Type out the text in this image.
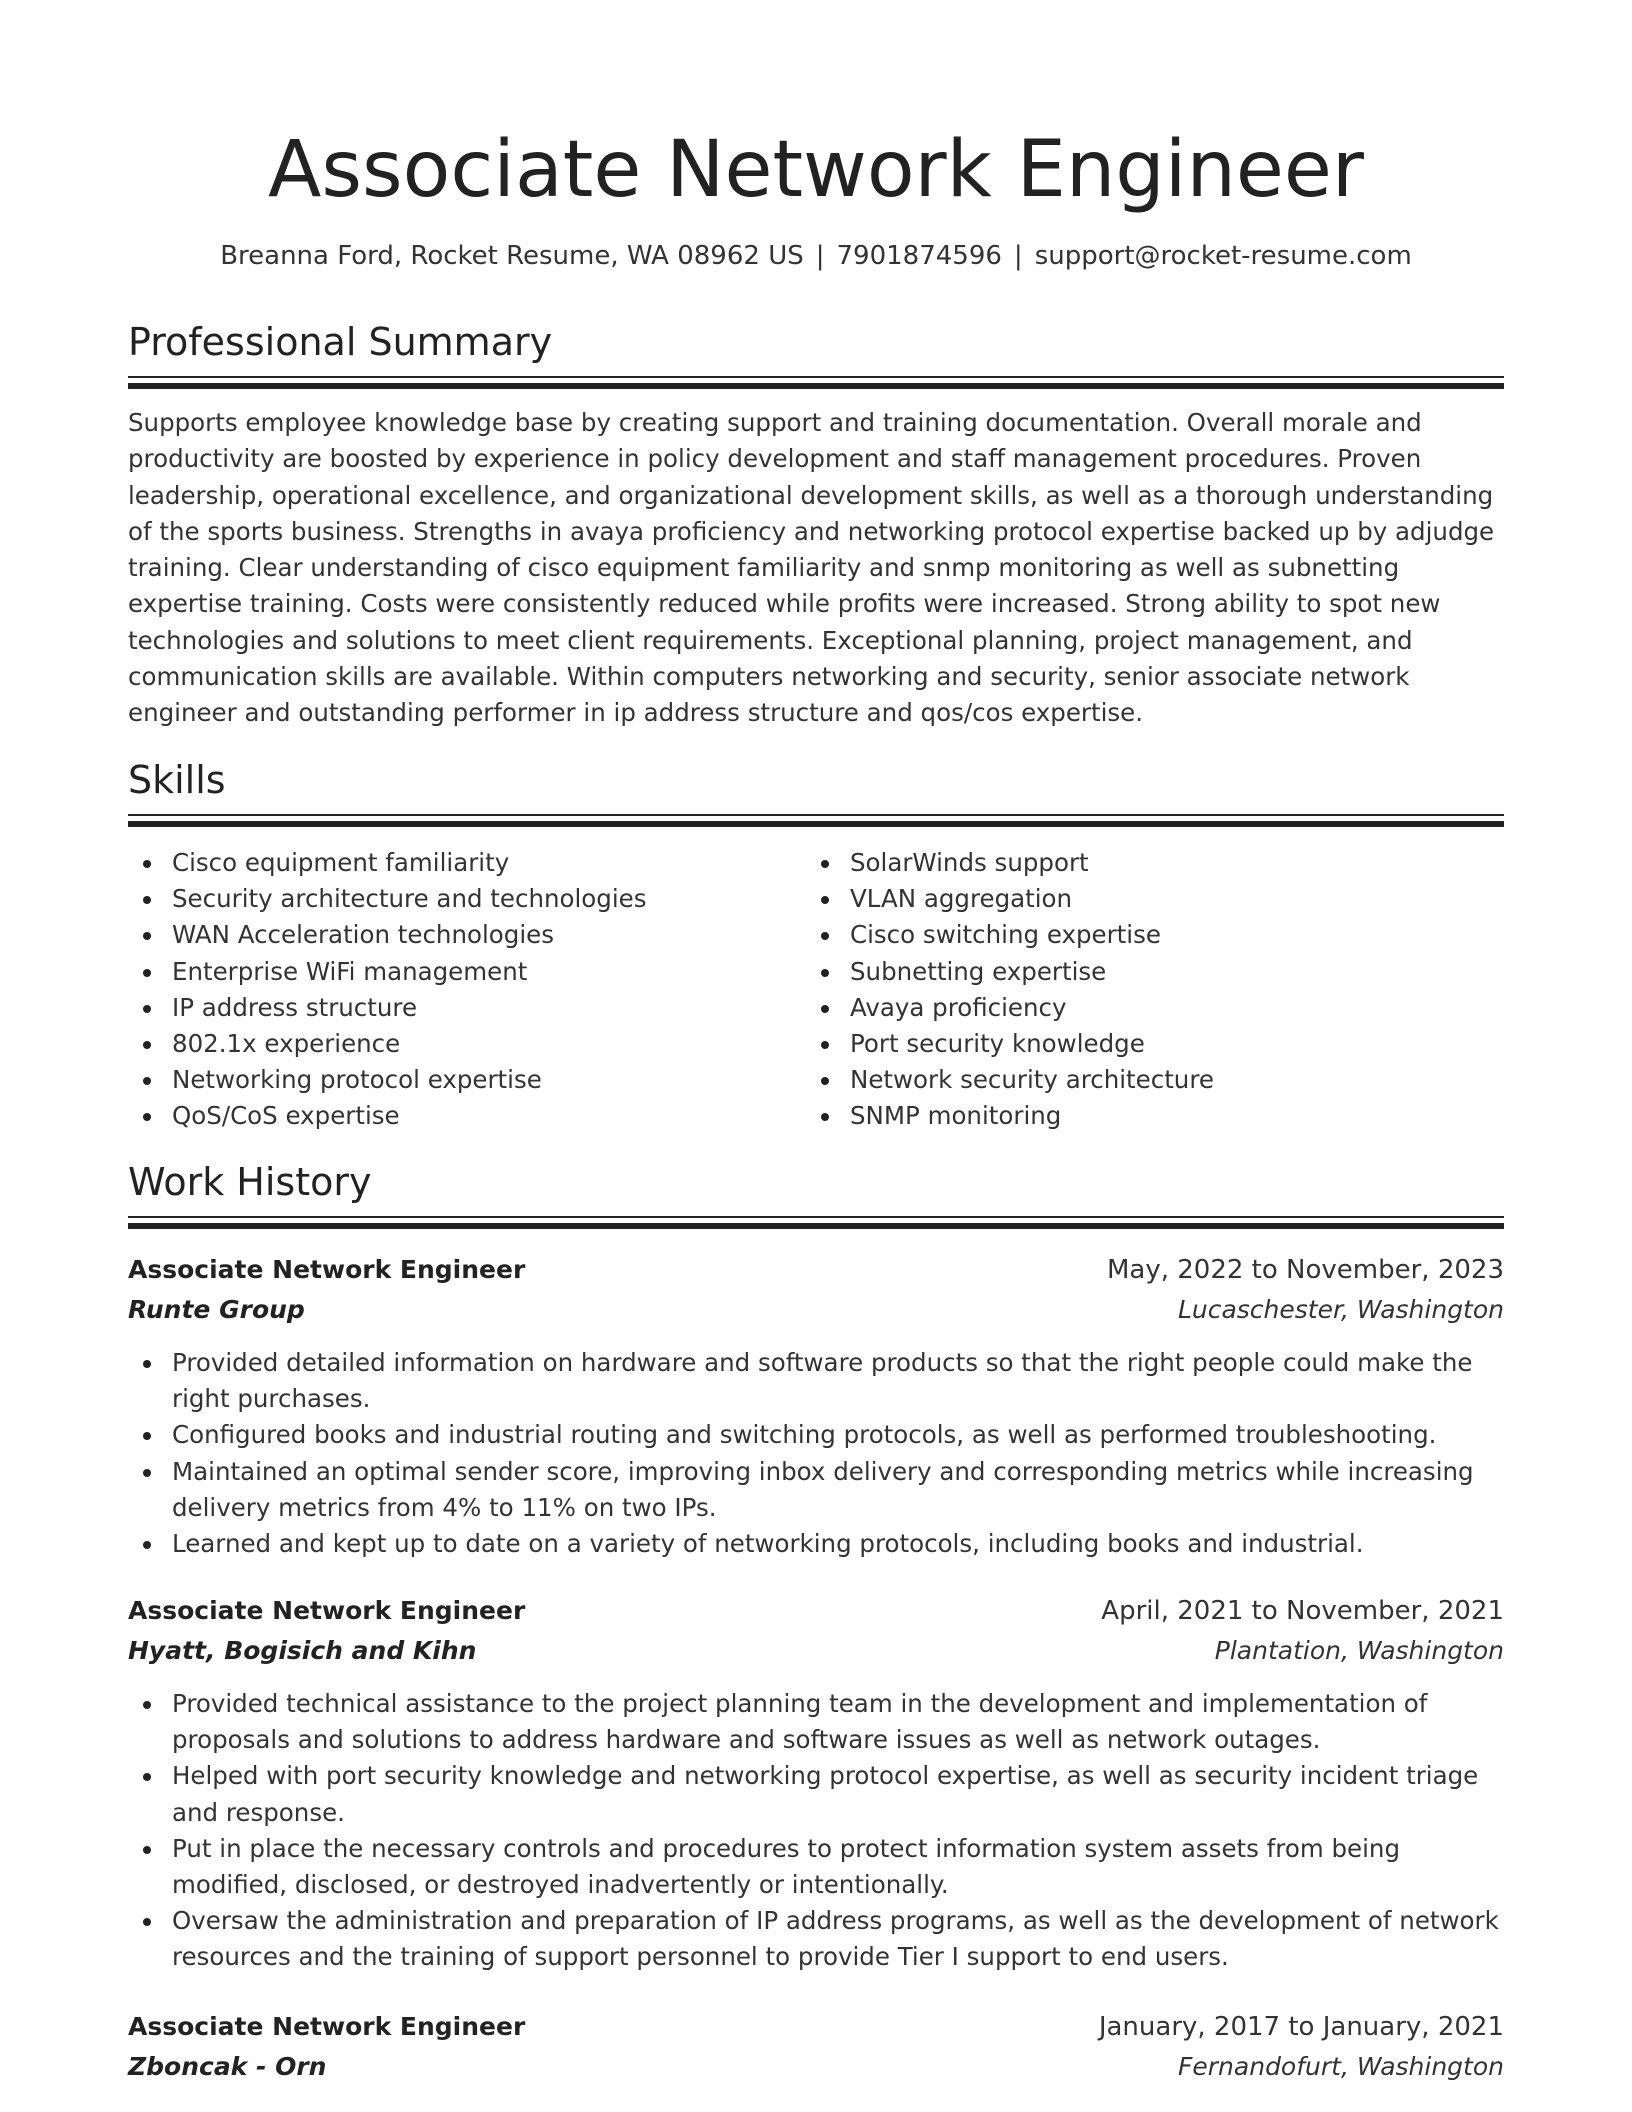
Associate Network Engineer
Breanna Ford, Rocket Resume, WA 08962 US | 7901874596 | support@rocket-resume.com
Professional Summary

Supports employee knowledge base by creating support and training documentation. Overall morale and productivity are boosted by experience in policy development and staff management procedures. Proven leadership, operational excellence, and organizational development skills, as well as a thorough understanding of the sports business. Strengths in avaya proficiency and networking protocol expertise backed up by adjudge training. Clear understanding of cisco equipment familiarity and snmp monitoring as well as subnetting expertise training. Costs were consistently reduced while profits were increased. Strong ability to spot new technologies and solutions to meet client requirements. Exceptional planning, project management, and communication skills are available. Within computers networking and security, senior associate network engineer and outstanding performer in ip address structure and qos/cos expertise.

Skills
Cisco equipment familiarity
Security architecture and technologies
WAN Acceleration technologies
Enterprise WiFi management
IP address structure
802.1x experience
Networking protocol expertise
QoS/CoS expertise
SolarWinds support
VLAN aggregation
Cisco switching expertise
Subnetting expertise
Avaya proficiency
Port security knowledge
Network security architecture
SNMP monitoring
Work History
Associate Network Engineer	May, 2022 to November, 2023
Runte Group	Lucaschester, Washington
Provided detailed information on hardware and software products so that the right people could make the right purchases.
Configured books and industrial routing and switching protocols, as well as performed troubleshooting.
Maintained an optimal sender score, improving inbox delivery and corresponding metrics while increasing delivery metrics from 4% to 11% on two IPs.
Learned and kept up to date on a variety of networking protocols, including books and industrial.
Associate Network Engineer	April, 2021 to November, 2021
Hyatt, Bogisich and Kihn	Plantation, Washington
Provided technical assistance to the project planning team in the development and implementation of proposals and solutions to address hardware and software issues as well as network outages.
Helped with port security knowledge and networking protocol expertise, as well as security incident triage and response.
Put in place the necessary controls and procedures to protect information system assets from being modified, disclosed, or destroyed inadvertently or intentionally.
Oversaw the administration and preparation of IP address programs, as well as the development of network resources and the training of support personnel to provide Tier I support to end users.
Associate Network Engineer	January, 2017 to January, 2021
Zboncak - Orn	Fernandofurt, Washington
